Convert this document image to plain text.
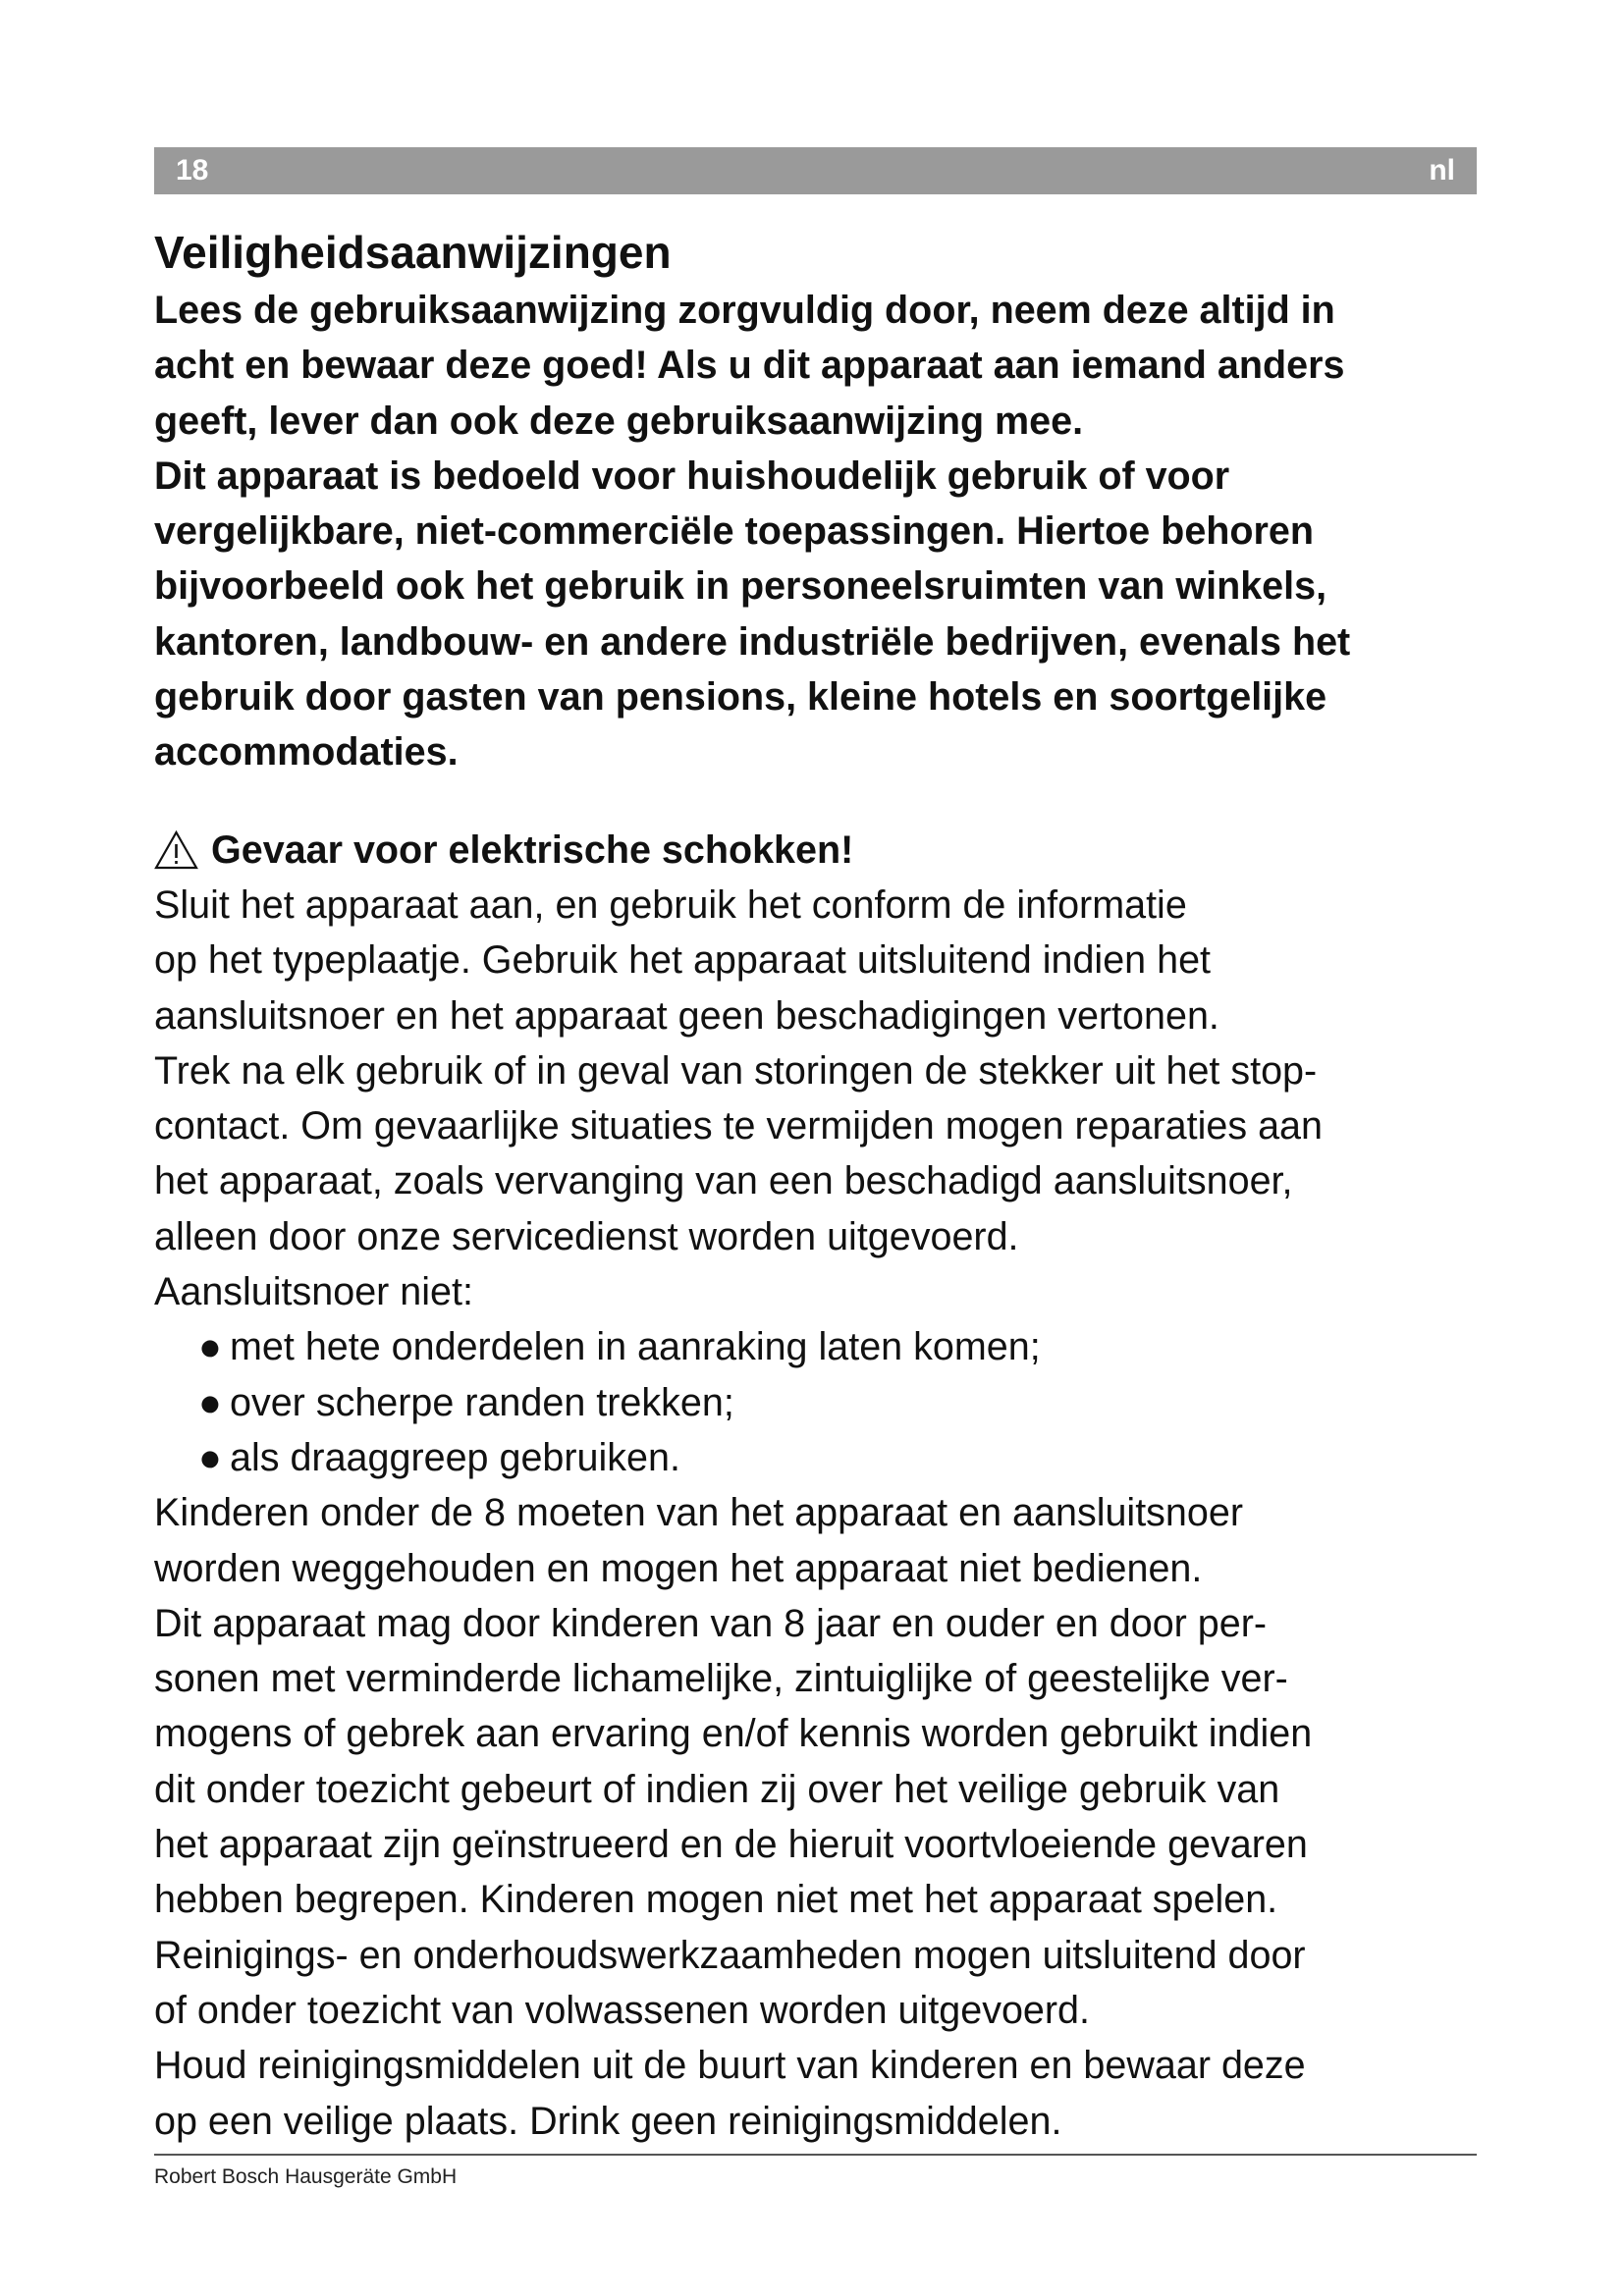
18	nl
Veiligheidsaanwijzingen

Lees de gebruiksaanwijzing zorgvuldig door, neem deze altijd in

acht en bewaar deze goed! Als u dit apparaat aan iemand anders

geeft, lever dan ook deze gebruiksaanwijzing mee.

Dit apparaat is bedoeld voor huishoudelijk gebruik of voor

vergelijkbare, niet-commerciële toepassingen. Hiertoe behoren

bijvoorbeeld ook het gebruik in personeelsruimten van winkels,

kantoren, landbouw- en andere industriële bedrijven, evenals het

gebruik door gasten van pensions, kleine hotels en soortgelijke

accommodaties.

Gevaar voor elektrische schokken!

Sluit het apparaat aan, en gebruik het conform de informatie

op het typeplaatje. Gebruik het apparaat uitsluitend indien het

aansluitsnoer en het apparaat geen beschadigingen vertonen.

Trek na elk gebruik of in geval van storingen de stekker uit het stop-

contact. Om gevaarlijke situaties te vermijden mogen reparaties aan

het apparaat, zoals vervanging van een beschadigd aansluitsnoer,

alleen door onze servicedienst worden uitgevoerd.

Aansluitsnoer niet:

● met hete onderdelen in aanraking laten komen;
● over scherpe randen trekken;
● als draaggreep gebruiken.

Kinderen onder de 8 moeten van het apparaat en aansluitsnoer

worden weggehouden en mogen het apparaat niet bedienen.

Dit apparaat mag door kinderen van 8 jaar en ouder en door per-

sonen met verminderde lichamelijke, zintuiglijke of geestelijke ver-

mogens of gebrek aan ervaring en/of kennis worden gebruikt indien

dit onder toezicht gebeurt of indien zij over het veilige gebruik van

het apparaat zijn geïnstrueerd en de hieruit voortvloeiende gevaren

hebben begrepen. Kinderen mogen niet met het apparaat spelen.

Reinigings- en onderhoudswerkzaamheden mogen uitsluitend door

of onder toezicht van volwassenen worden uitgevoerd.

Houd reinigingsmiddelen uit de buurt van kinderen en bewaar deze

op een veilige plaats. Drink geen reinigingsmiddelen.

Robert Bosch Hausgeräte GmbH
